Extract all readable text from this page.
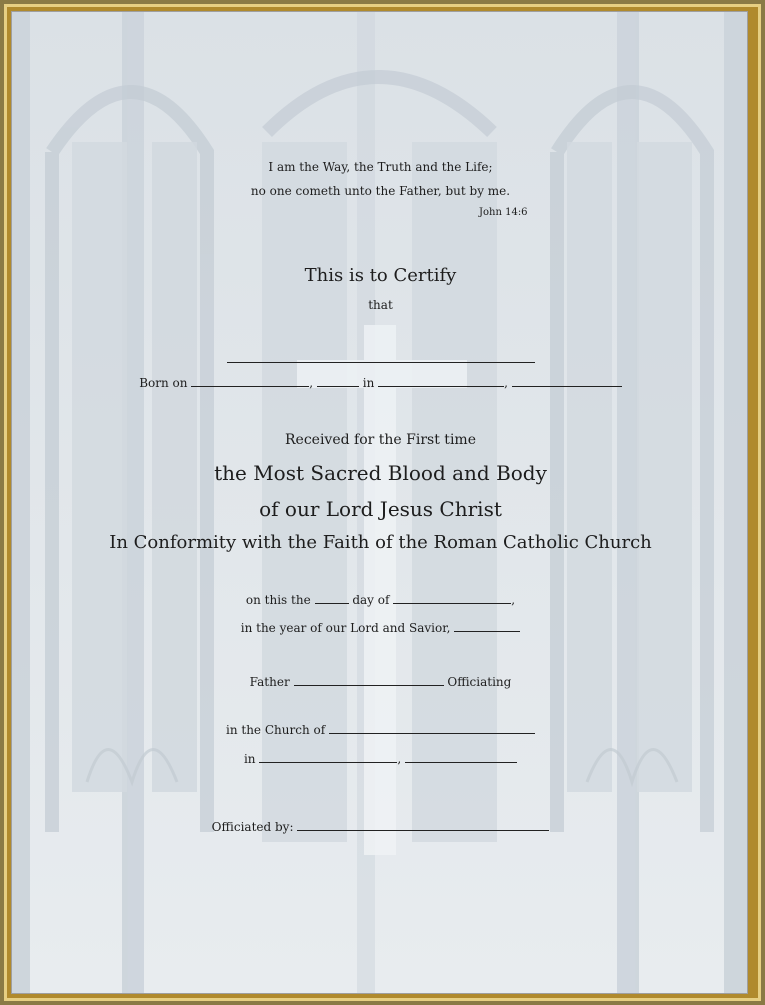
I am the Way, the Truth and the Life;
no one cometh unto the Father, but by me.
John 14:6
This is to Certify
that
Born on	,	in	,
Received for the First time
the Most Sacred Blood and Body
of our Lord Jesus Christ
In Conformity with the Faith of the Roman Catholic Church
on this the	day of	,
in the year of our Lord and Savior,
Father	Officiating
in the Church of
in	,
Officiated by:
